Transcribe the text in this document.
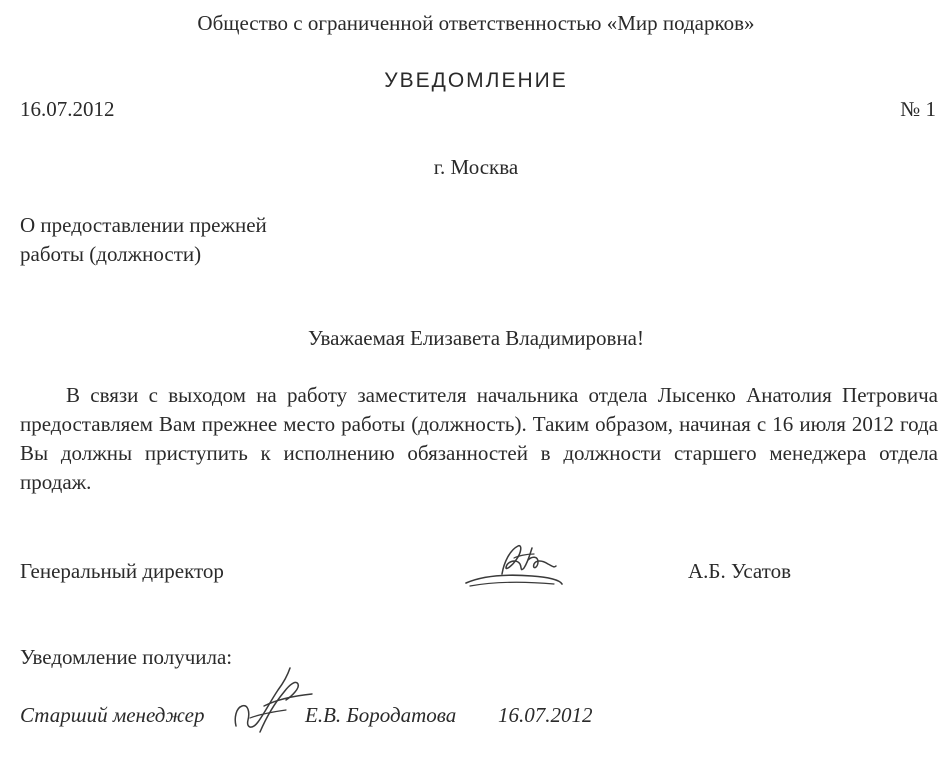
Общество с ограниченной ответственностью «Мир подарков»
УВЕДОМЛЕНИЕ
16.07.2012	№ 1
г. Москва
О предоставлении прежней
работы (должности)
Уважаемая Елизавета Владимировна!
В связи с выходом на работу заместителя начальника отдела Лысенко Анатолия Петровича предоставляем Вам прежнее место работы (должность). Таким образом, начиная с 16 июля 2012 года Вы должны приступить к исполнению обязанностей в должности старшего менеджера отдела продаж.
Генеральный директор	А.Б. Усатов
Уведомление получила:
Старший менеджер	Е.В. Бородатова 16.07.2012
